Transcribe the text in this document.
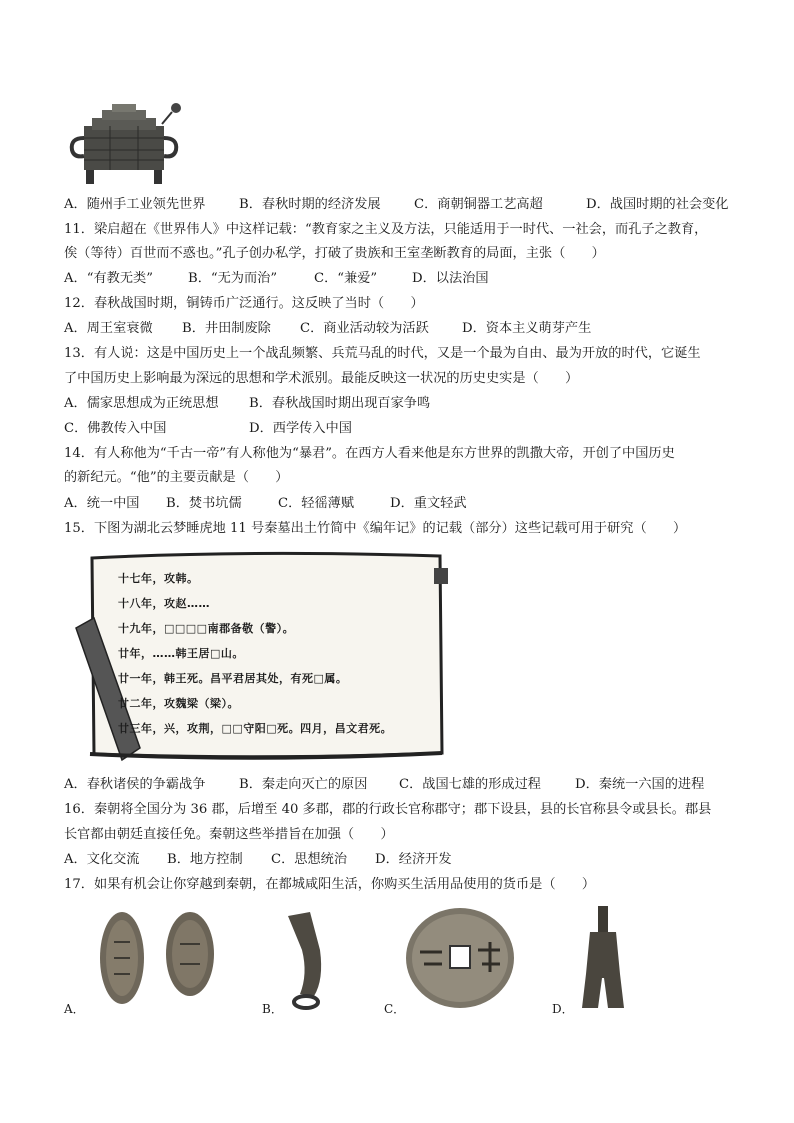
A．随州手工业领先世界	B．春秋时期的经济发展	C．商朝铜器工艺高超	D．战国时期的社会变化
11．梁启超在《世界伟人》中这样记载：“教育家之主义及方法，只能适用于一时代、一社会，而孔子之教育，
俟（等待）百世而不惑也。”孔子创办私学，打破了贵族和王室垄断教育的局面，主张（　　）
A．“有教无类”	B．“无为而治”	C．“兼爱”	D．以法治国
12．春秋战国时期，铜铸币广泛通行。这反映了当时（　　）
A．周王室衰微 B．井田制废除 C．商业活动较为活跃	D．资本主义萌芽产生
13．有人说：这是中国历史上一个战乱频繁、兵荒马乱的时代，又是一个最为自由、最为开放的时代，它诞生
了中国历史上影响最为深远的思想和学术派别。最能反映这一状况的历史史实是（　　）
A．儒家思想成为正统思想 B．春秋战国时期出现百家争鸣
C．佛教传入中国	D．西学传入中国
14．有人称他为“千古一帝”有人称他为“暴君”。在西方人看来他是东方世界的凯撒大帝，开创了中国历史
的新纪元。“他”的主要贡献是（　　）
A．统一中国 B．焚书坑儒	C．轻徭薄赋	D．重文轻武
15．下图为湖北云梦睡虎地 11 号秦墓出土竹简中《编年记》的记载（部分）这些记载可用于研究（　　）
十七年，攻韩。
十八年，攻赵……
十九年，□□□□南郡备敬（警）。
廿年，……韩王居□山。
廿一年，韩王死。昌平君居其处，有死□属。
廿二年，攻魏梁（梁）。
廿三年，兴，攻荆，□□守阳□死。四月，昌文君死。
A．春秋诸侯的争霸战争	B．秦走向灭亡的原因 C．战国七雄的形成过程	D．秦统一六国的进程
16．秦朝将全国分为 36 郡，后增至 40 多郡，郡的行政长官称郡守；郡下设县，县的长官称县令或县长。郡县
长官都由朝廷直接任免。秦朝这些举措旨在加强（　　）
A．文化交流 B．地方控制 C．思想统治 D．经济开发
17．如果有机会让你穿越到秦朝，在都城咸阳生活，你购买生活用品使用的货币是（　　）
A．	B．	C．	D．
